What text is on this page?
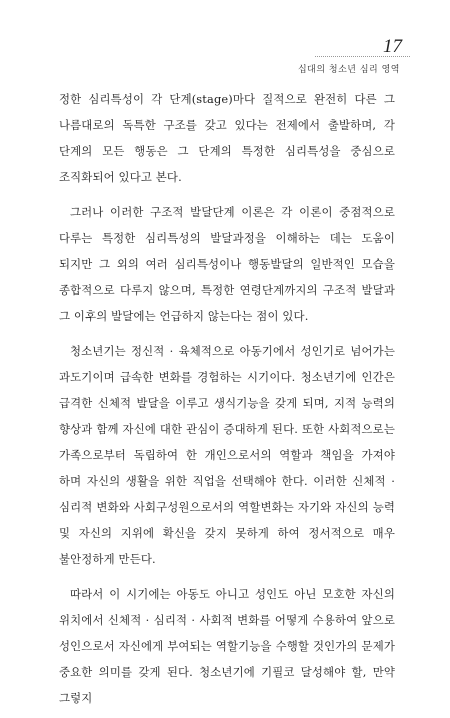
17
십대의 청소년 심리 영역

정한 심리특성이 각 단계(stage)마다 질적으로 완전히 다른 그 나름대로의 독특한 구조를 갖고 있다는 전제에서 출발하며, 각 단계의 모든 행동은 그 단계의 특정한 심리특성을 중심으로 조직화되어 있다고 본다.

그러나 이러한 구조적 발달단계 이론은 각 이론이 중점적으로 다루는 특정한 심리특성의 발달과정을 이해하는 데는 도움이 되지만 그 외의 여러 심리특성이나 행동발달의 일반적인 모습을 종합적으로 다루지 않으며, 특정한 연령단계까지의 구조적 발달과 그 이후의 발달에는 언급하지 않는다는 점이 있다.

청소년기는 정신적 · 육체적으로 아동기에서 성인기로 넘어가는 과도기이며 급속한 변화를 경험하는 시기이다. 청소년기에 인간은 급격한 신체적 발달을 이루고 생식기능을 갖게 되며, 지적 능력의 향상과 함께 자신에 대한 관심이 증대하게 된다. 또한 사회적으로는 가족으로부터 독립하여 한 개인으로서의 역할과 책임을 가져야 하며 자신의 생활을 위한 직업을 선택해야 한다. 이러한 신체적 · 심리적 변화와 사회구성원으로서의 역할변화는 자기와 자신의 능력 및 자신의 지위에 확신을 갖지 못하게 하여 정서적으로 매우 불안정하게 만든다.

따라서 이 시기에는 아동도 아니고 성인도 아닌 모호한 자신의 위치에서 신체적 · 심리적 · 사회적 변화를 어떻게 수용하여 앞으로 성인으로서 자신에게 부여되는 역할기능을 수행할 것인가의 문제가 중요한 의미를 갖게 된다. 청소년기에 기필코 달성해야 할, 만약 그렇지
